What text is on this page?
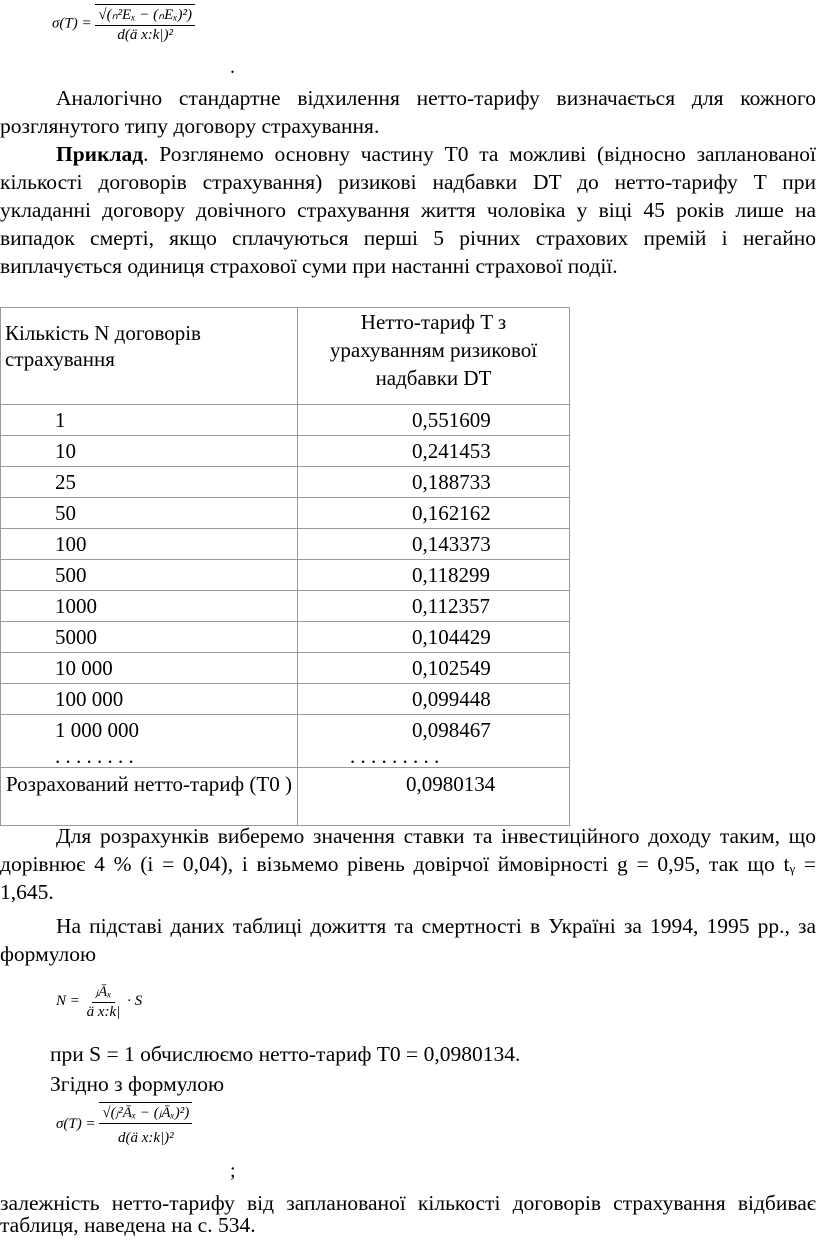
$\sigma(T) = \frac{\text{√(ₙ²Eₓ − (ₙEₓ)²)}}{\text{d(ä x:k|)²}}$
.

Аналогічно стандартне відхилення нетто-тарифу визначається для кожного розглянутого типу договору страхування.

Приклад. Розглянемо основну частину T0 та можливі (відносно запланованої кількості договорів страхування) ризикові надбавки DT до нетто-тарифу T при укладанні договору довічного страхування життя чоловіка у віці 45 років лише на випадок смерті, якщо сплачуються перші 5 річних страхових премій і негайно виплачується одиниця страхової суми при настанні страхової події.

Кількість N договорів страхування	Нетто-тариф T з урахуванням ризикової надбавки DT
1	0,551609
10	0,241453
25	0,188733
50	0,162162
100	0,143373
500	0,118299
1000	0,112357
5000	0,104429
10 000	0,102549
100 000	0,099448
1 000 000	0,098467
. . . . . . . .	. . . . . . . . .
Розрахований нетто-тариф (T0 )	0,0980134

Для розрахунків виберемо значення ставки та інвестиційного доходу таким, що дорівнює 4 % (i = 0,04), і візьмемо рівень довірчої ймовірності g = 0,95, так що tᵧ = 1,645.

На підставі даних таблиці дожиття та смертності в Україні за 1994, 1995 рр., за формулою

$N = \frac{\text{ⱼĀₓ}}{\text{ä x:k|}} \cdot S$

при S = 1 обчислюємо нетто-тариф T0 = 0,0980134.

Згідно з формулою

$\sigma(T) = \frac{\text{√(ⱼ²Āₓ − (ⱼĀₓ)²)}}{\text{d(ä x:k|)²}}$
;

залежність нетто-тарифу від запланованої кількості договорів страхування відбиває таблиця, наведена на с. 534.
